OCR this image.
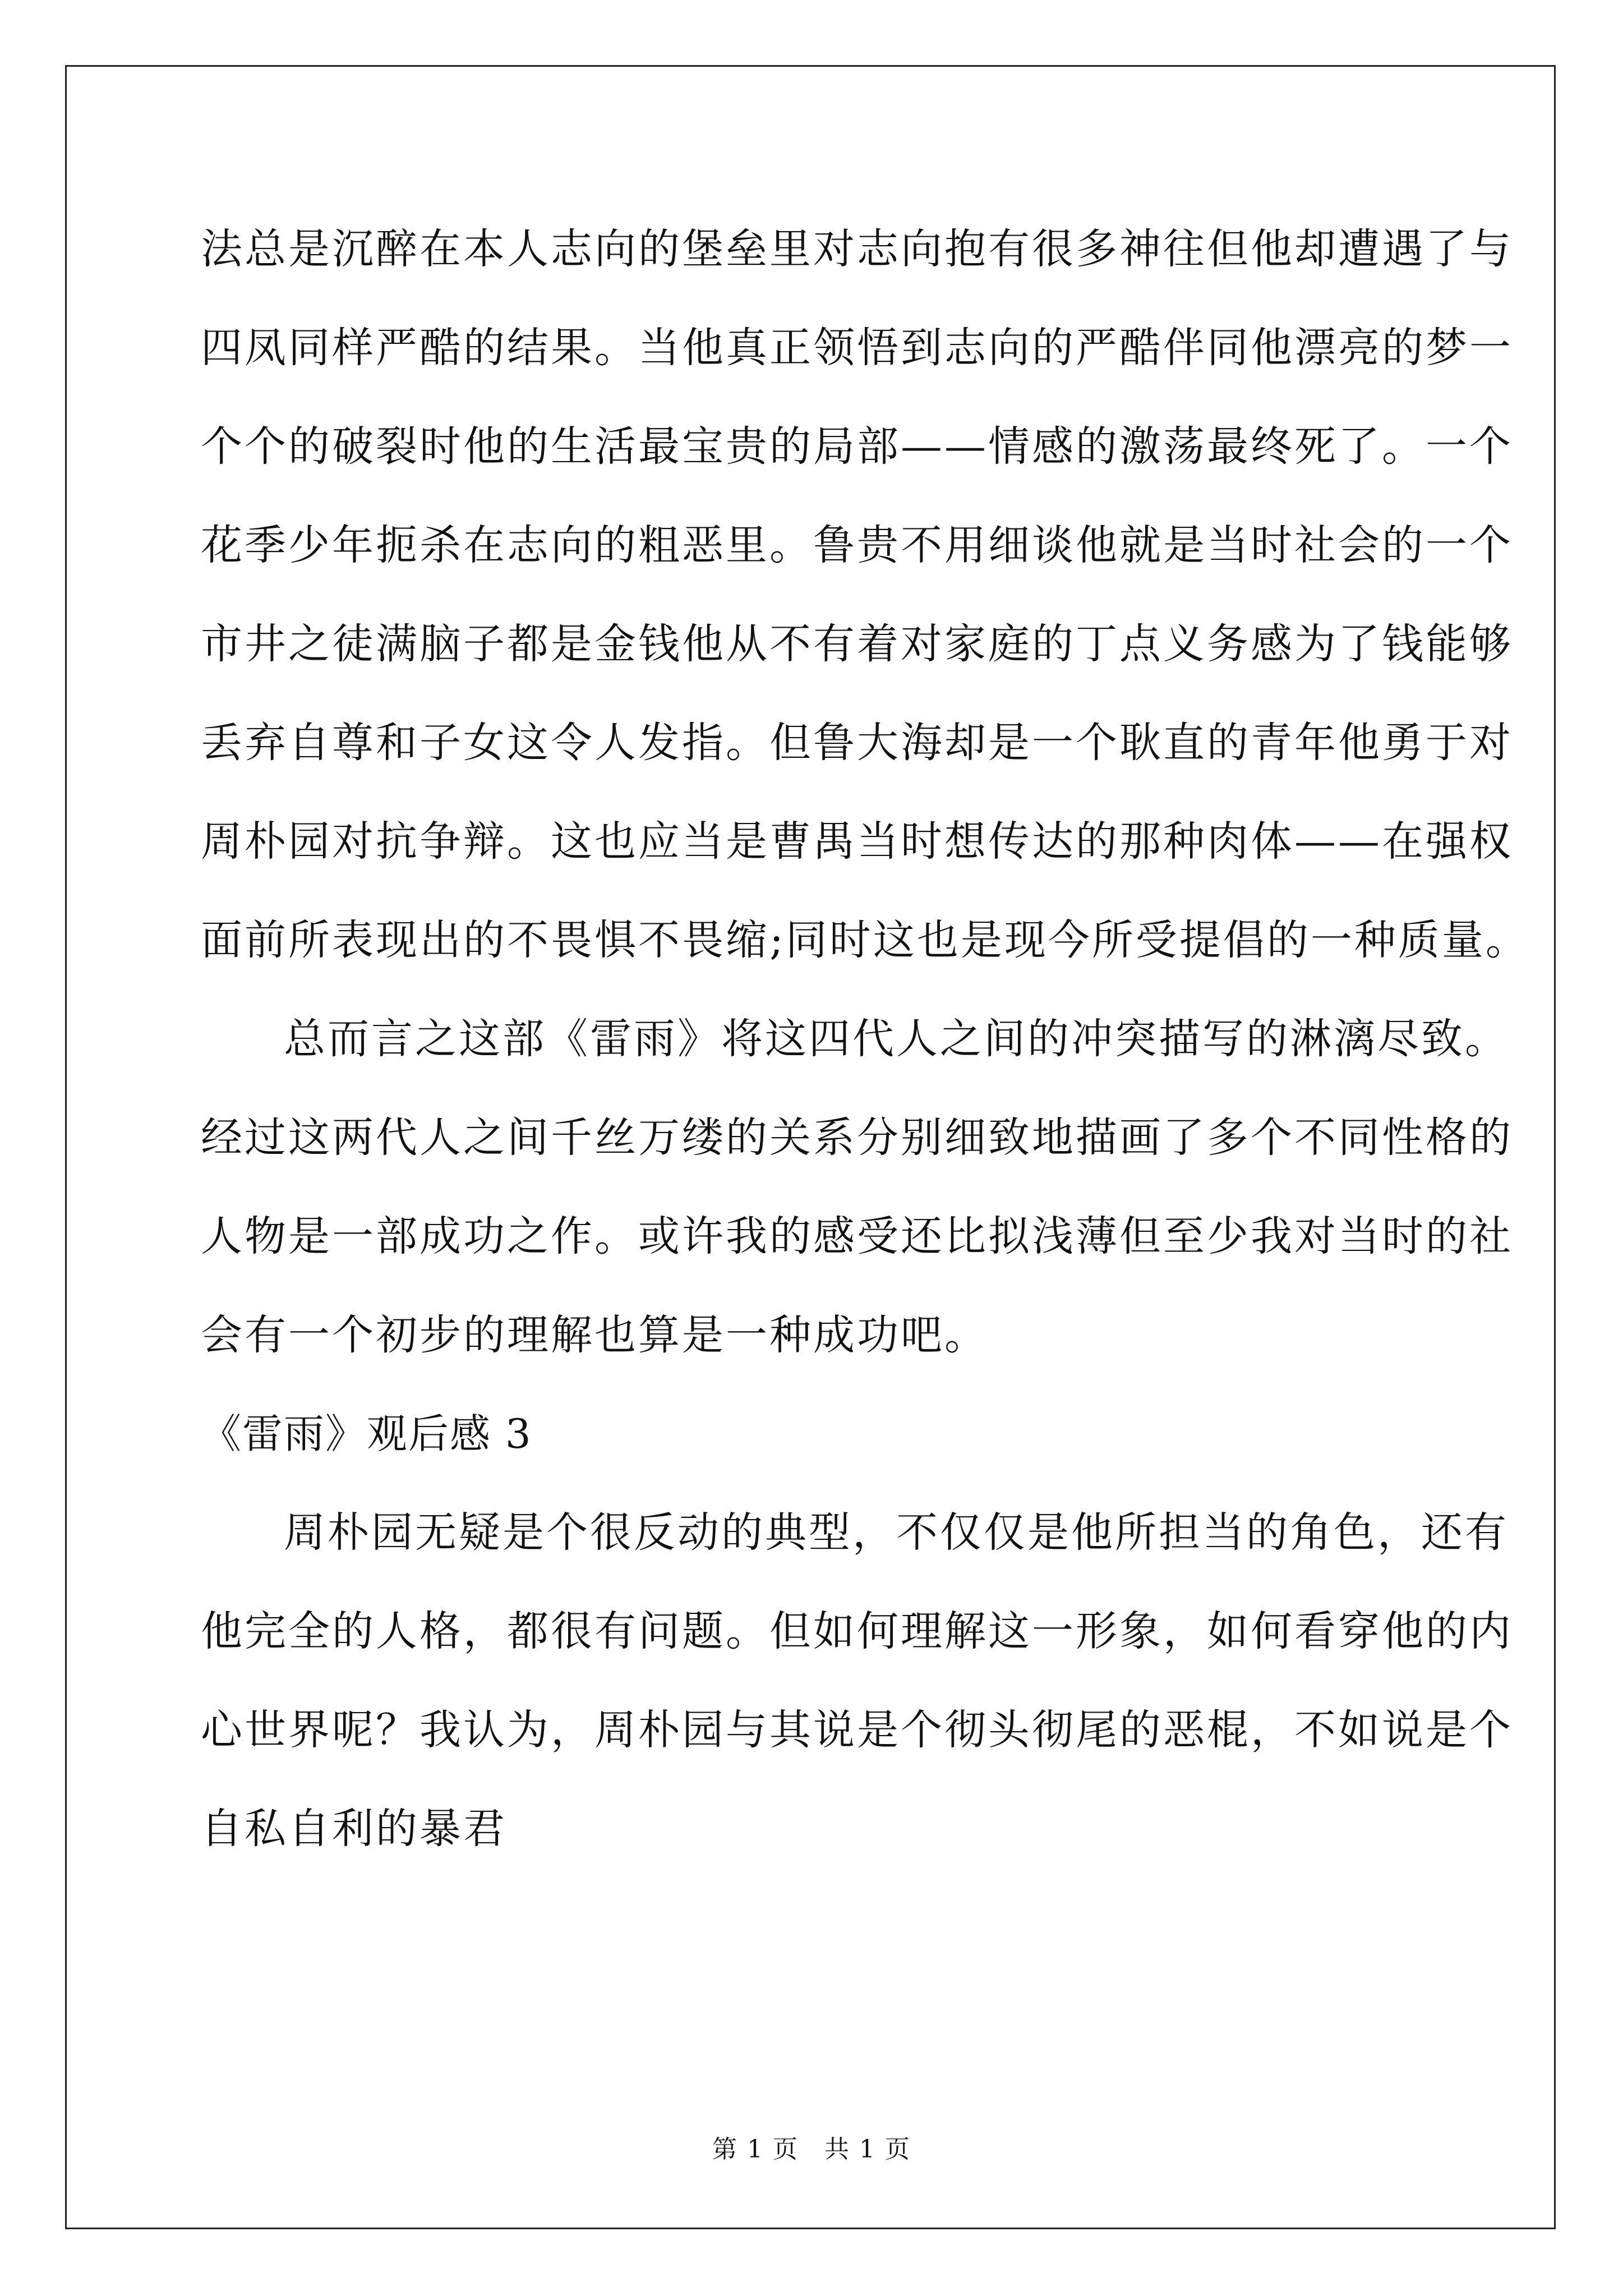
法总是沉醉在本人志向的堡垒里对志向抱有很多神往但他却遭遇了与
四凤同样严酷的结果。当他真正领悟到志向的严酷伴同他漂亮的梦一
个个的破裂时他的生活最宝贵的局部——情感的激荡最终死了。一个
花季少年扼杀在志向的粗恶里。鲁贵不用细谈他就是当时社会的一个
市井之徒满脑子都是金钱他从不有着对家庭的丁点义务感为了钱能够
丢弃自尊和子女这令人发指。但鲁大海却是一个耿直的青年他勇于对
周朴园对抗争辩。这也应当是曹禺当时想传达的那种肉体——在强权
面前所表现出的不畏惧不畏缩;同时这也是现今所受提倡的一种质量。
总而言之这部《雷雨》将这四代人之间的冲突描写的淋漓尽致。
经过这两代人之间千丝万缕的关系分别细致地描画了多个不同性格的
人物是一部成功之作。或许我的感受还比拟浅薄但至少我对当时的社
会有一个初步的理解也算是一种成功吧。
《雷雨》观后感 3
周朴园无疑是个很反动的典型，不仅仅是他所担当的角色，还有
他完全的人格，都很有问题。但如何理解这一形象，如何看穿他的内
心世界呢？我认为，周朴园与其说是个彻头彻尾的恶棍，不如说是个
自私自利的暴君
第 1 页　共 1 页
